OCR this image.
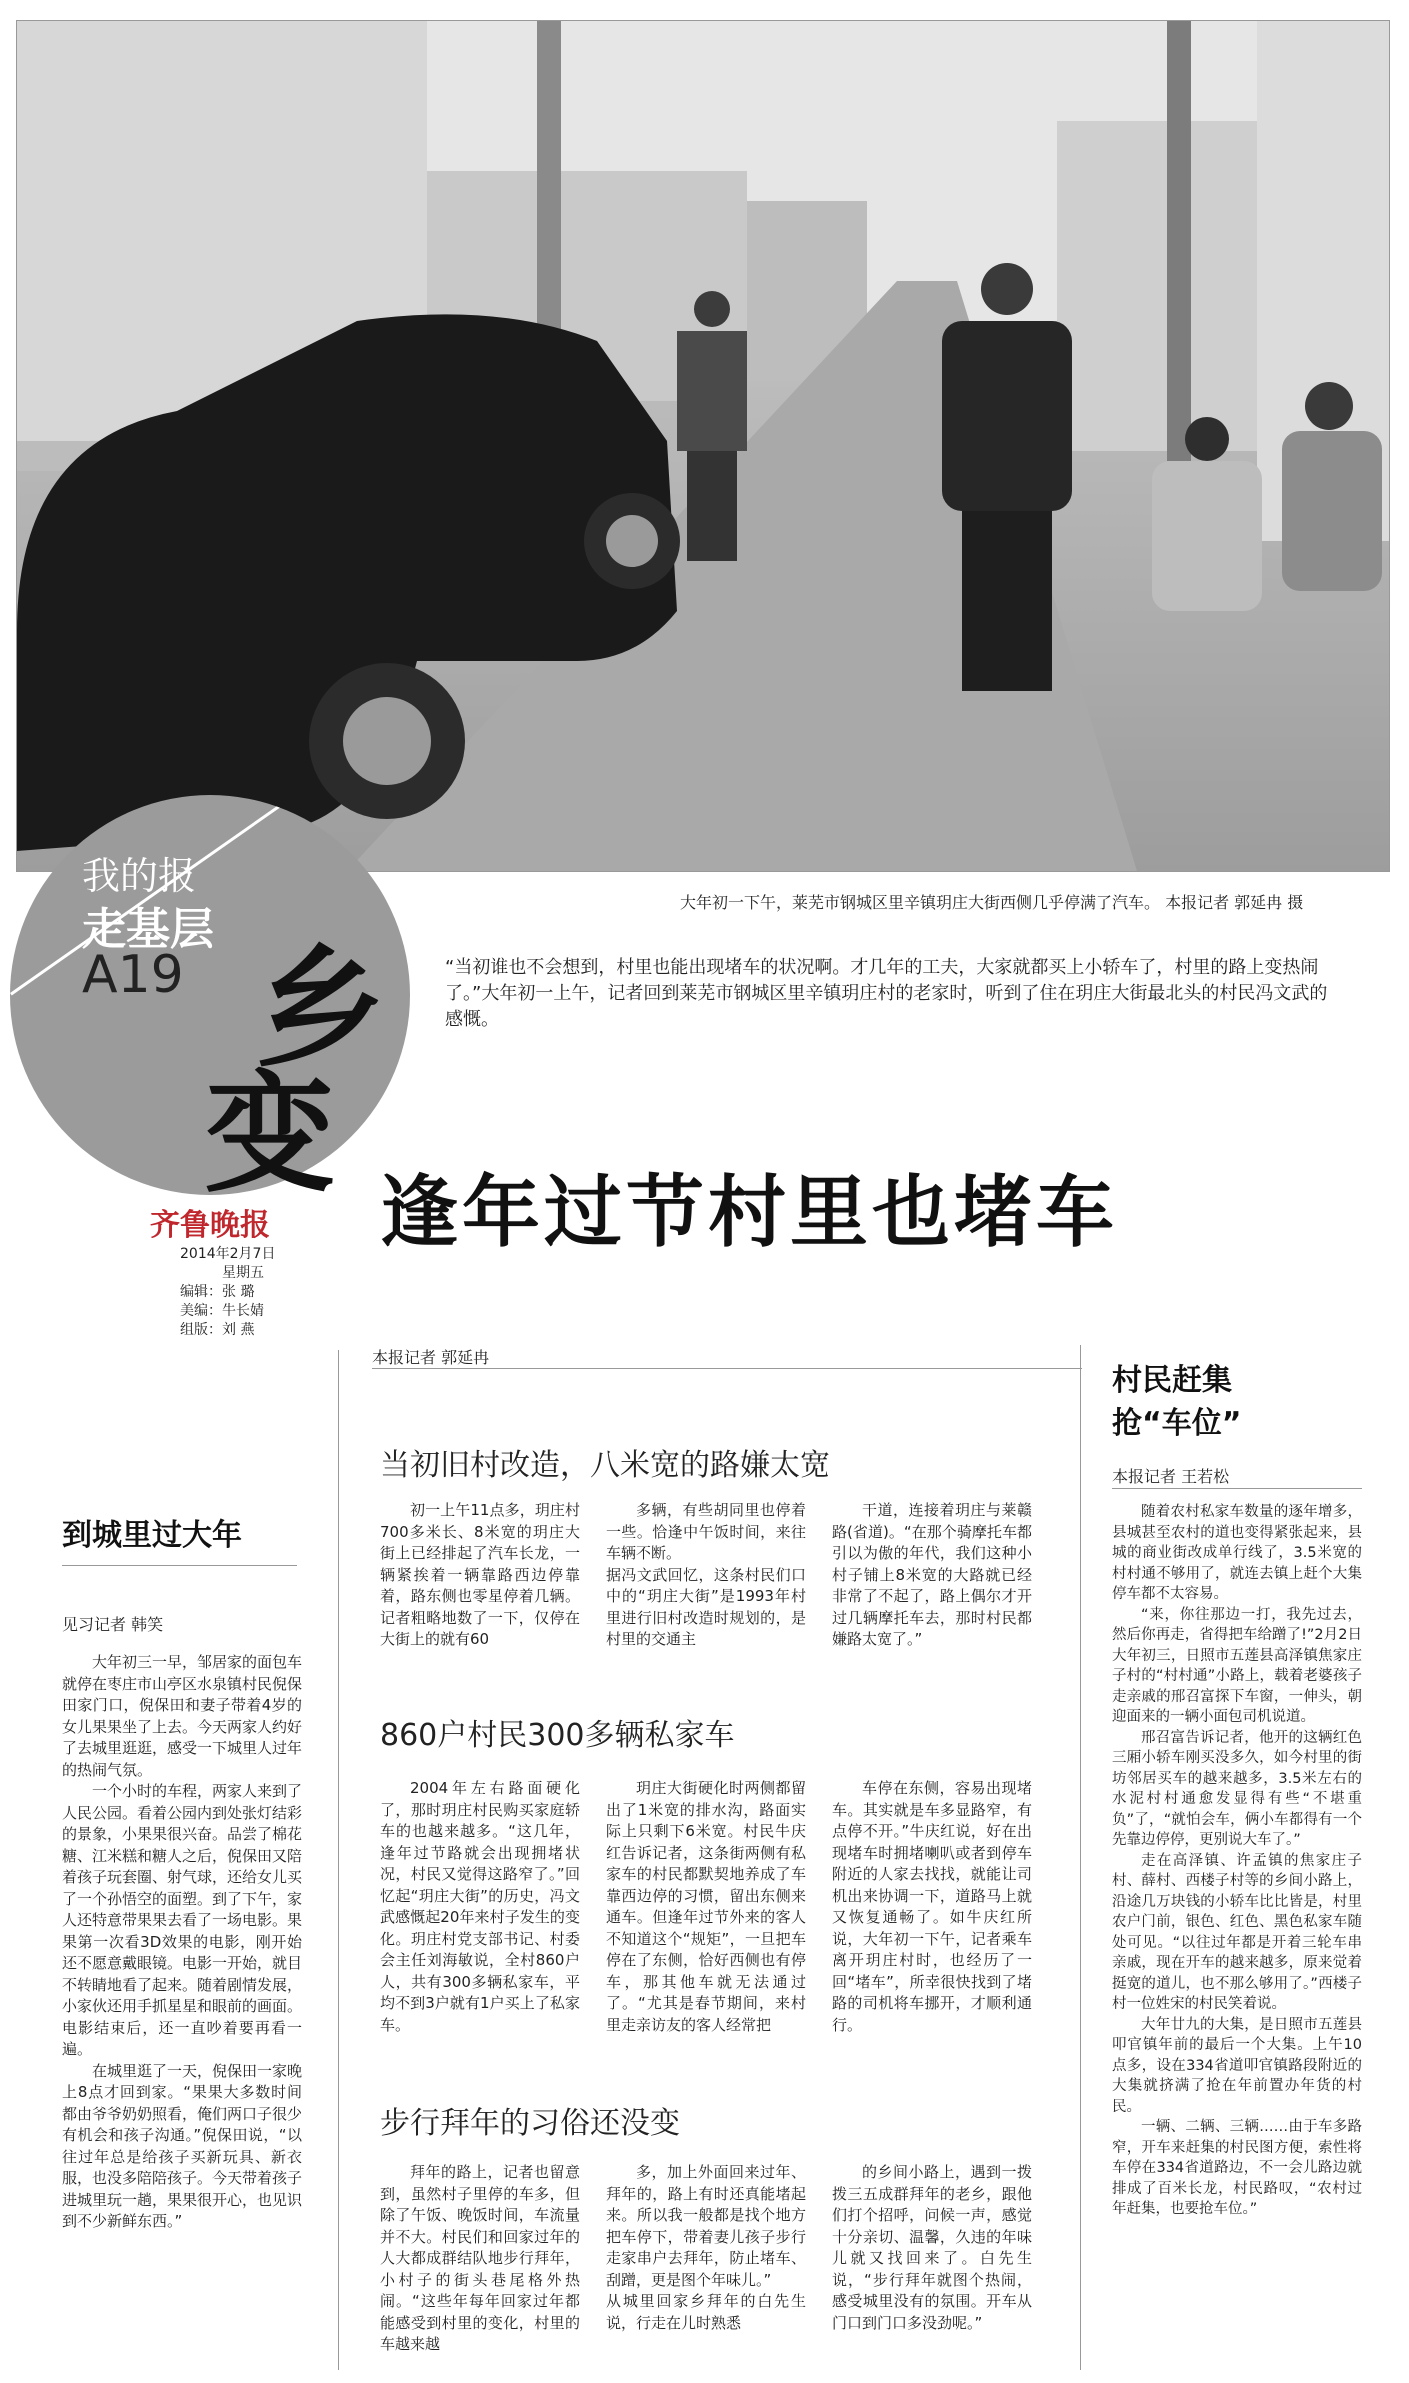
大年初一下午，莱芜市钢城区里辛镇玥庄大街西侧几乎停满了汽车。 本报记者 郭延冉 摄
我的报
走基层
A19 乡
变
“当初谁也不会想到，村里也能出现堵车的状况啊。才几年的工夫，大家就都买上小轿车了，村里的路上变热闹了。”大年初一上午，记者回到莱芜市钢城区里辛镇玥庄村的老家时，听到了住在玥庄大街最北头的村民冯文武的感慨。
逢年过节村里也堵车
齐鲁晚报
2014年2月7日
星期五
编辑：张 璐
美编：牛长婧
组版：刘 燕
本报记者 郭延冉
当初旧村改造，八米宽的路嫌太宽

初一上午11点多，玥庄村700多米长、8米宽的玥庄大街上已经排起了汽车长龙，一辆紧挨着一辆靠路西边停靠着，路东侧也零星停着几辆。记者粗略地数了一下，仅停在大街上的就有60

多辆，有些胡同里也停着一些。恰逢中午饭时间，来往车辆不断。
据冯文武回忆，这条村民们口中的“玥庄大街”是1993年村里进行旧村改造时规划的，是村里的交通主

干道，连接着玥庄与莱赣路(省道)。“在那个骑摩托车都引以为傲的年代，我们这种小村子铺上8米宽的大路就已经非常了不起了，路上偶尔才开过几辆摩托车去，那时村民都嫌路太宽了。”

860户村民300多辆私家车

2004年左右路面硬化了，那时玥庄村民购买家庭轿车的也越来越多。“这几年，逢年过节路就会出现拥堵状况，村民又觉得这路窄了。”回忆起“玥庄大街”的历史，冯文武感慨起20年来村子发生的变化。玥庄村党支部书记、村委会主任刘海敏说，全村860户人，共有300多辆私家车，平均不到3户就有1户买上了私家车。

玥庄大街硬化时两侧都留出了1米宽的排水沟，路面实际上只剩下6米宽。村民牛庆红告诉记者，这条街两侧有私家车的村民都默契地养成了车靠西边停的习惯，留出东侧来通车。但逢年过节外来的客人不知道这个“规矩”，一旦把车停在了东侧，恰好西侧也有停车，那其他车就无法通过了。“尤其是春节期间，来村里走亲访友的客人经常把

车停在东侧，容易出现堵车。其实就是车多显路窄，有点停不开。”牛庆红说，好在出现堵车时拥堵喇叭或者到停车附近的人家去找找，就能让司机出来协调一下，道路马上就又恢复通畅了。如牛庆红所说，大年初一下午，记者乘车离开玥庄村时，也经历了一回“堵车”，所幸很快找到了堵路的司机将车挪开，才顺利通行。

步行拜年的习俗还没变

拜年的路上，记者也留意到，虽然村子里停的车多，但除了午饭、晚饭时间，车流量并不大。村民们和回家过年的人大都成群结队地步行拜年，小村子的街头巷尾格外热闹。“这些年每年回家过年都能感受到村里的变化，村里的车越来越

多，加上外面回来过年、拜年的，路上有时还真能堵起来。所以我一般都是找个地方把车停下，带着妻儿孩子步行走家串户去拜年，防止堵车、刮蹭，更是图个年味儿。”
从城里回家乡拜年的白先生说，行走在儿时熟悉

的乡间小路上，遇到一拨拨三五成群拜年的老乡，跟他们打个招呼，问候一声，感觉十分亲切、温馨，久违的年味儿就又找回来了。白先生说，“步行拜年就图个热闹，感受城里没有的氛围。开车从门口到门口多没劲呢。”

到城里过大年
见习记者 韩笑

大年初三一早，邹居家的面包车就停在枣庄市山亭区水泉镇村民倪保田家门口，倪保田和妻子带着4岁的女儿果果坐了上去。今天两家人约好了去城里逛逛，感受一下城里人过年的热闹气氛。

一个小时的车程，两家人来到了人民公园。看着公园内到处张灯结彩的景象，小果果很兴奋。品尝了棉花糖、江米糕和糖人之后，倪保田又陪着孩子玩套圈、射气球，还给女儿买了一个孙悟空的面塑。到了下午，家人还特意带果果去看了一场电影。果果第一次看3D效果的电影，刚开始还不愿意戴眼镜。电影一开始，就目不转睛地看了起来。随着剧情发展，小家伙还用手抓星星和眼前的画面。电影结束后，还一直吵着要再看一遍。

在城里逛了一天，倪保田一家晚上8点才回到家。“果果大多数时间都由爷爷奶奶照看，俺们两口子很少有机会和孩子沟通。”倪保田说，“以往过年总是给孩子买新玩具、新衣服，也没多陪陪孩子。今天带着孩子进城里玩一趟，果果很开心，也见识到不少新鲜东西。”

村民赶集
抢“车位”
本报记者 王若松

随着农村私家车数量的逐年增多，县城甚至农村的道也变得紧张起来，县城的商业街改成单行线了，3.5米宽的村村通不够用了，就连去镇上赶个大集停车都不太容易。

“来，你往那边一打，我先过去，然后你再走，省得把车给蹭了!”2月2日大年初三，日照市五莲县高泽镇焦家庄子村的“村村通”小路上，载着老婆孩子走亲戚的邢召富探下车窗，一伸头，朝迎面来的一辆小面包司机说道。

邢召富告诉记者，他开的这辆红色三厢小轿车刚买没多久，如今村里的街坊邻居买车的越来越多，3.5米左右的水泥村村通愈发显得有些“不堪重负”了，“就怕会车，俩小车都得有一个先靠边停停，更别说大车了。”

走在高泽镇、许孟镇的焦家庄子村、薛村、西楼子村等的乡间小路上，沿途几万块钱的小轿车比比皆是，村里农户门前，银色、红色、黑色私家车随处可见。“以往过年都是开着三轮车串亲戚，现在开车的越来越多，原来觉着挺宽的道儿，也不那么够用了。”西楼子村一位姓宋的村民笑着说。

大年廿九的大集，是日照市五莲县叩官镇年前的最后一个大集。上午10点多，设在334省道叩官镇路段附近的大集就挤满了抢在年前置办年货的村民。

一辆、二辆、三辆……由于车多路窄，开车来赶集的村民图方便，索性将车停在334省道路边，不一会儿路边就排成了百米长龙，村民路叹，“农村过年赶集，也要抢车位。”
